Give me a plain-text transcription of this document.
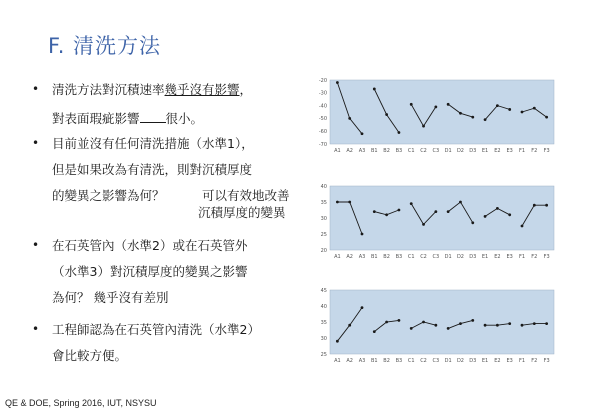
F. 清洗方法
• 清洗方法對沉積速率幾乎沒有影響，
對表面瑕疵影響 很小。
• 目前並沒有任何清洗措施（水準1），
但是如果改為有清洗，則對沉積厚度
的變異之影響為何？	可以有效地改善
沉積厚度的變異
• 在石英管內（水準2）或在石英管外
（水準3）對沉積厚度的變異之影響
為何？ 幾乎沒有差別
• 工程師認為在石英管內清洗（水準2）
會比較方便。
-20
-30
-40
-50
-60
-70
A1 A2 A3 B1 B2 B3 C1 C2 C3 D1 D2 D3 E1 E2 E3 F1 F2 F3
40
35
30
25
20
A1 A2 A3 B1 B2 B3 C1 C2 C3 D1 D2 D3 E1 E2 E3 F1 F2 F3
45
40
35
30
25
A1 A2 A3 B1 B2 B3 C1 C2 C3 D1 D2 D3 E1 E2 E3 F1 F2 F3
QE & DOE, Spring 2016, IUT, NSYSU
